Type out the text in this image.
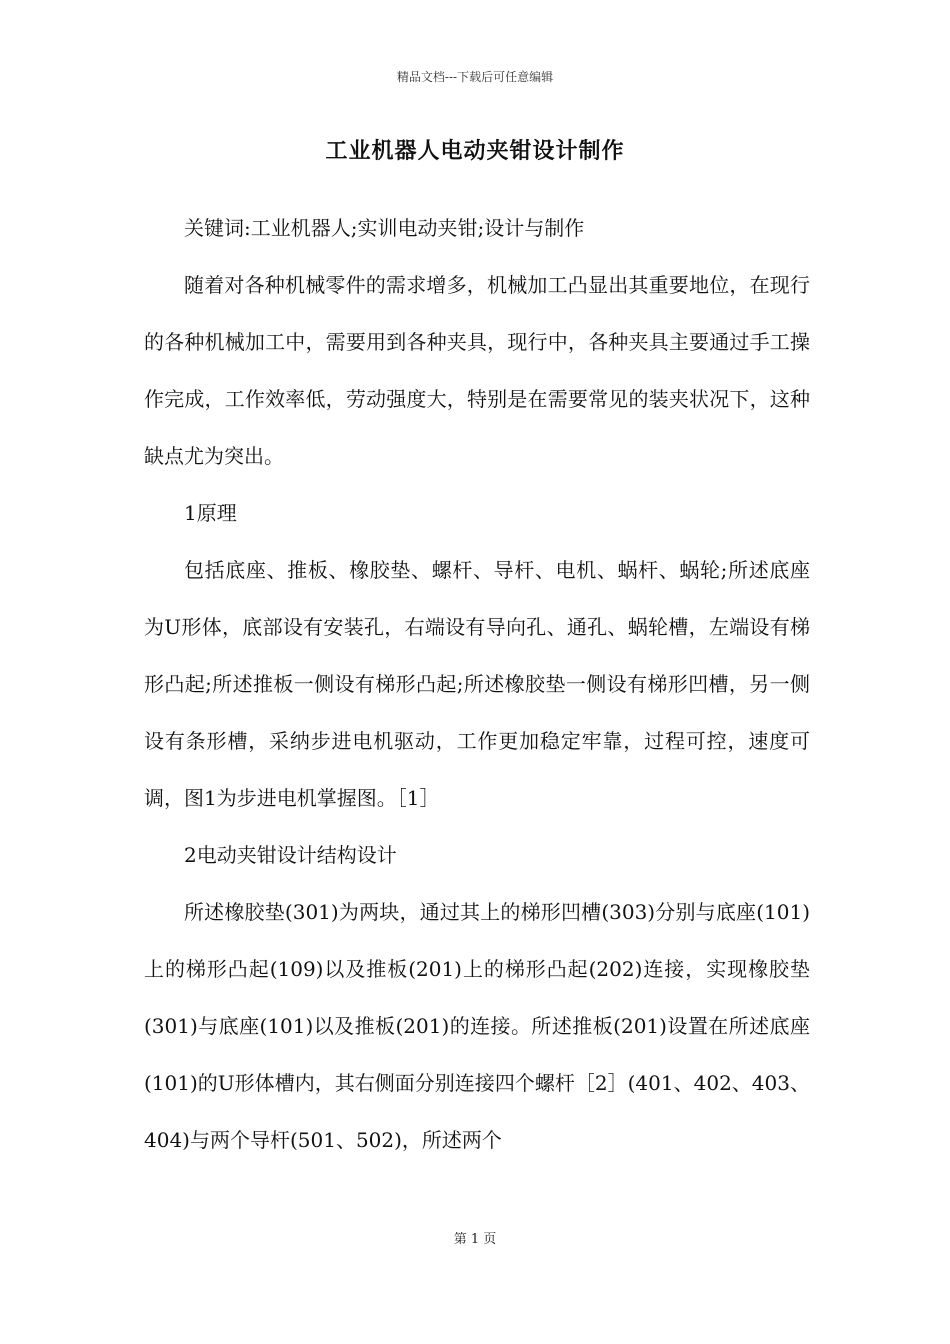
精品文档---下载后可任意编辑
工业机器人电动夹钳设计制作

关键词:工业机器人;实训电动夹钳;设计与制作

随着对各种机械零件的需求增多，机械加工凸显出其重要地位，在现行的各种机械加工中，需要用到各种夹具，现行中，各种夹具主要通过手工操作完成，工作效率低，劳动强度大，特别是在需要常见的装夹状况下，这种缺点尤为突出。

1原理

包括底座、推板、橡胶垫、螺杆、导杆、电机、蜗杆、蜗轮;所述底座为U形体，底部设有安装孔，右端设有导向孔、通孔、蜗轮槽，左端设有梯形凸起;所述推板一侧设有梯形凸起;所述橡胶垫一侧设有梯形凹槽，另一侧设有条形槽，采纳步进电机驱动，工作更加稳定牢靠，过程可控，速度可调，图1为步进电机掌握图。［1］

2电动夹钳设计结构设计

所述橡胶垫(301)为两块，通过其上的梯形凹槽(303)分别与底座(101)上的梯形凸起(109)以及推板(201)上的梯形凸起(202)连接，实现橡胶垫(301)与底座(101)以及推板(201)的连接。所述推板(201)设置在所述底座(101)的U形体槽内，其右侧面分别连接四个螺杆［2］(401、402、403、404)与两个导杆(501、502)，所述两个

第 1 页
